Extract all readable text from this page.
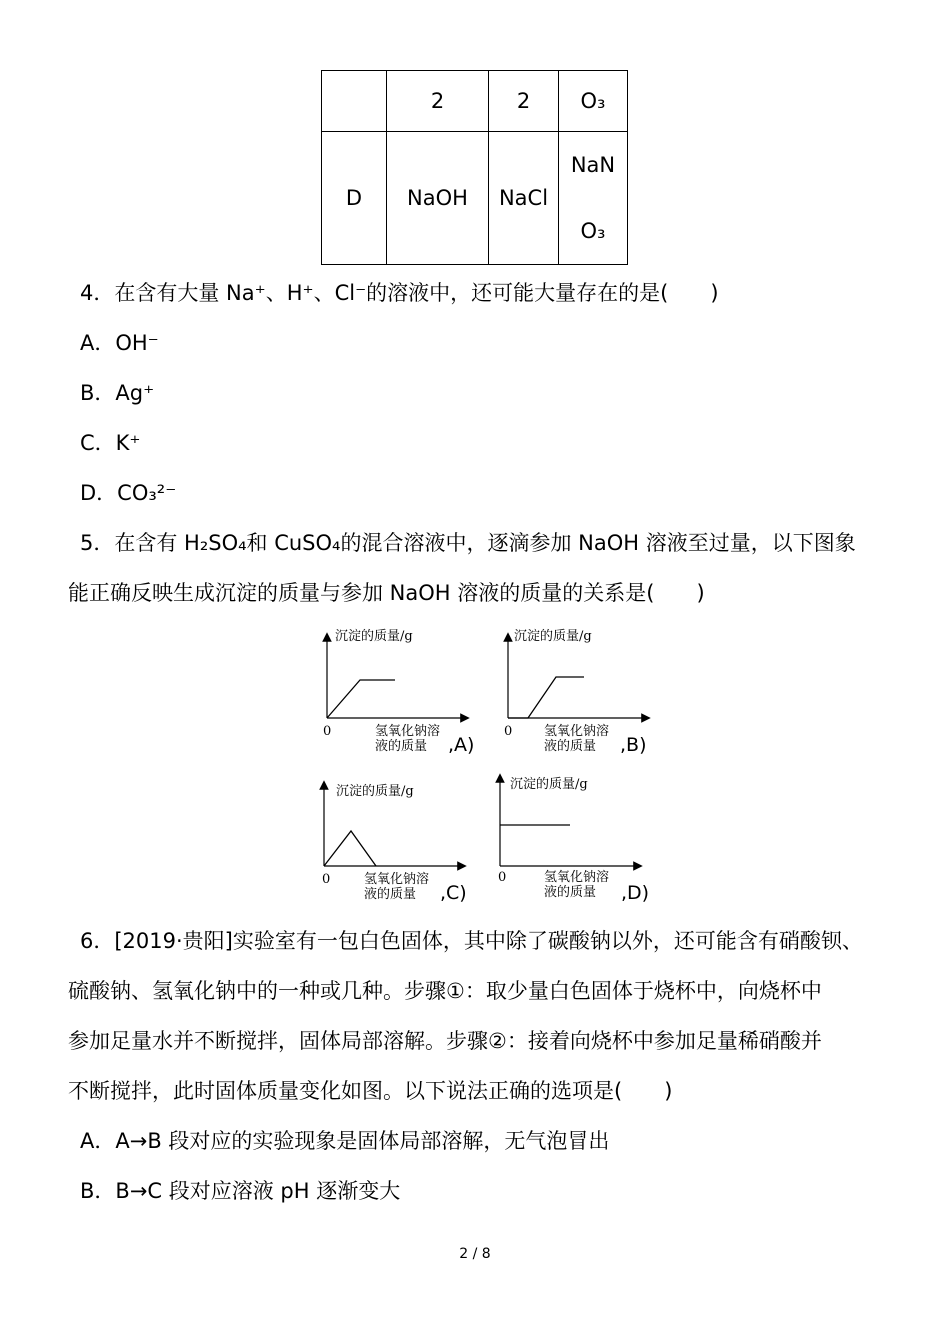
	2	2	O₃
D	NaOH	NaCl	NaN
O₃
4．在含有大量 Na⁺、H⁺、Cl⁻的溶液中，还可能大量存在的是(　　)
A．OH⁻
B．Ag⁺
C．K⁺
D．CO₃²⁻
5．在含有 H₂SO₄和 CuSO₄的混合溶液中，逐滴参加 NaOH 溶液至过量，以下图象
能正确反映生成沉淀的质量与参加 NaOH 溶液的质量的关系是(　　)
沉淀的质量/g
0	氢氧化钠溶
液的质量 ,A)
沉淀的质量/g
0 氢氧化钠溶
液的质量 ,B)
沉淀的质量/g
0	氢氧化钠溶
液的质量 ,C)
沉淀的质量/g
0	氢氧化钠溶
液的质量 ,D)
6．[2019·贵阳]实验室有一包白色固体，其中除了碳酸钠以外，还可能含有硝酸钡、
硫酸钠、氢氧化钠中的一种或几种。步骤①：取少量白色固体于烧杯中，向烧杯中
参加足量水并不断搅拌，固体局部溶解。步骤②：接着向烧杯中参加足量稀硝酸并
不断搅拌，此时固体质量变化如图。以下说法正确的选项是(　　)
A．A→B 段对应的实验现象是固体局部溶解，无气泡冒出
B．B→C 段对应溶液 pH 逐渐变大
2 / 8
